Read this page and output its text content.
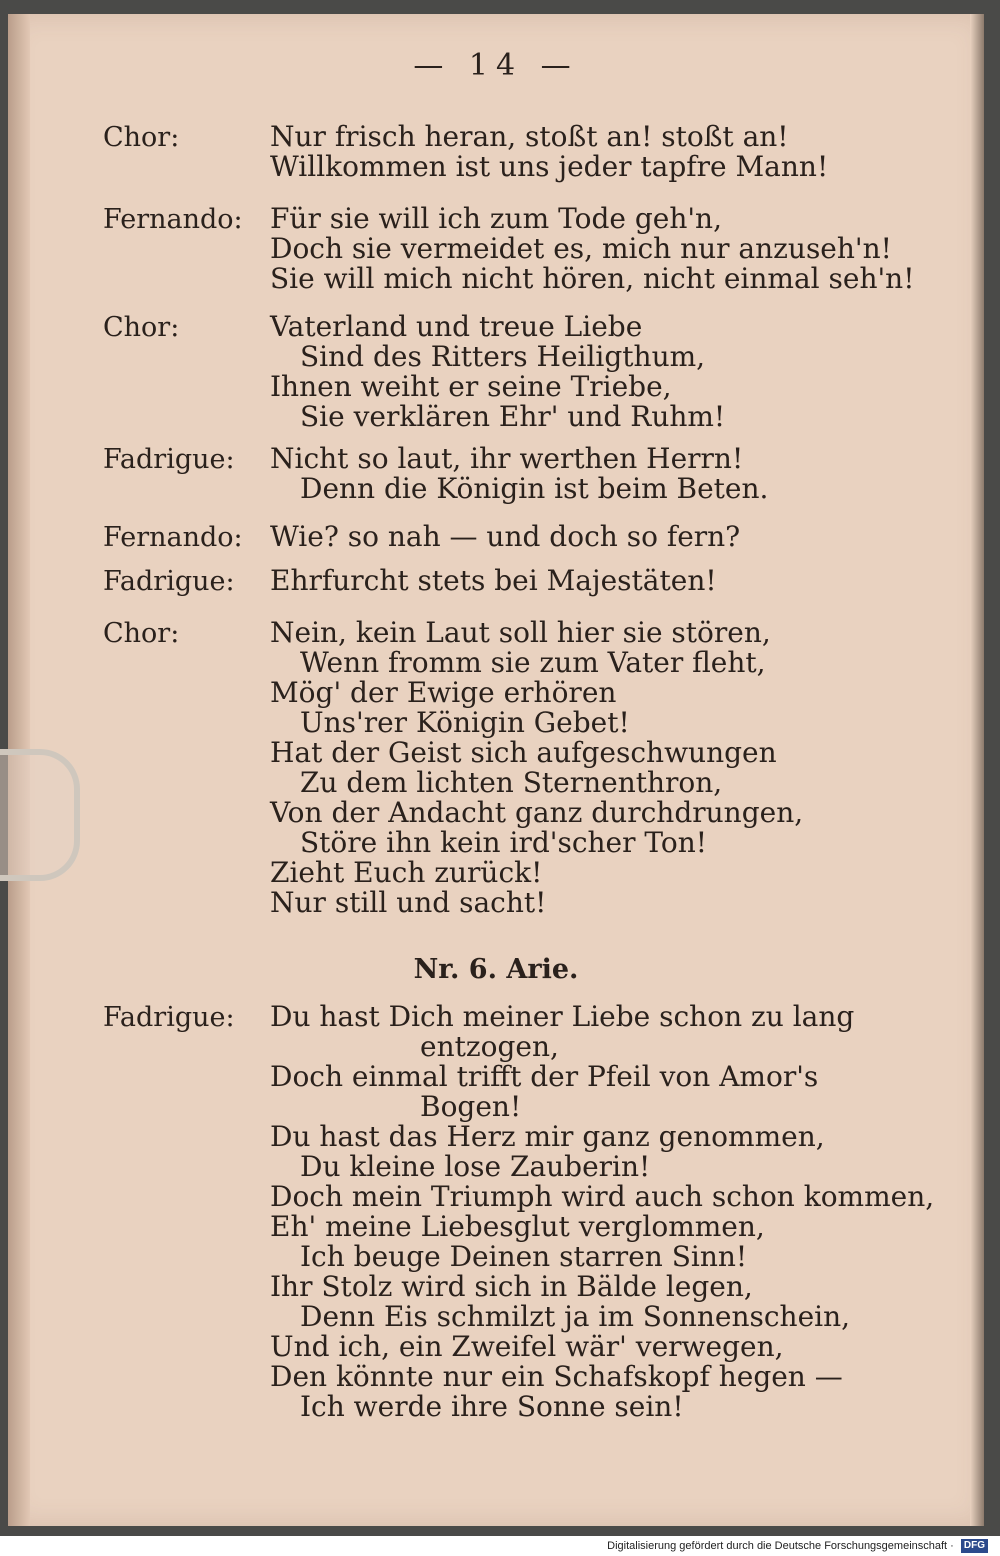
— 14 —
Chor:	Nur frisch heran, stoßt an! stoßt an!
Willkommen ist uns jeder tapfre Mann!
Fernando: Für sie will ich zum Tode geh'n,
Doch sie vermeidet es, mich nur anzuseh'n!
Sie will mich nicht hören, nicht einmal seh'n!
Chor:	Vaterland und treue Liebe
Sind des Ritters Heiligthum,
Ihnen weiht er seine Triebe,
Sie verklären Ehr' und Ruhm!
Fadrigue: Nicht so laut, ihr werthen Herrn!
Denn die Königin ist beim Beten.
Fernando: Wie? so nah — und doch so fern?
Fadrigue: Ehrfurcht stets bei Majestäten!
Chor:	Nein, kein Laut soll hier sie stören,
Wenn fromm sie zum Vater fleht,
Mög' der Ewige erhören
Uns'rer Königin Gebet!
Hat der Geist sich aufgeschwungen
Zu dem lichten Sternenthron,
Von der Andacht ganz durchdrungen,
Störe ihn kein ird'scher Ton!
Zieht Euch zurück!
Nur still und sacht!
Nr. 6. Arie.
Fadrigue: Du hast Dich meiner Liebe schon zu lang
entzogen,
Doch einmal trifft der Pfeil von Amor's
Bogen!
Du hast das Herz mir ganz genommen,
Du kleine lose Zauberin!
Doch mein Triumph wird auch schon kommen,
Eh' meine Liebesglut verglommen,
Ich beuge Deinen starren Sinn!
Ihr Stolz wird sich in Bälde legen,
Denn Eis schmilzt ja im Sonnenschein,
Und ich, ein Zweifel wär' verwegen,
Den könnte nur ein Schafskopf hegen —
Ich werde ihre Sonne sein!
Digitalisierung gefördert durch die Deutsche Forschungsgemeinschaft · DFG
